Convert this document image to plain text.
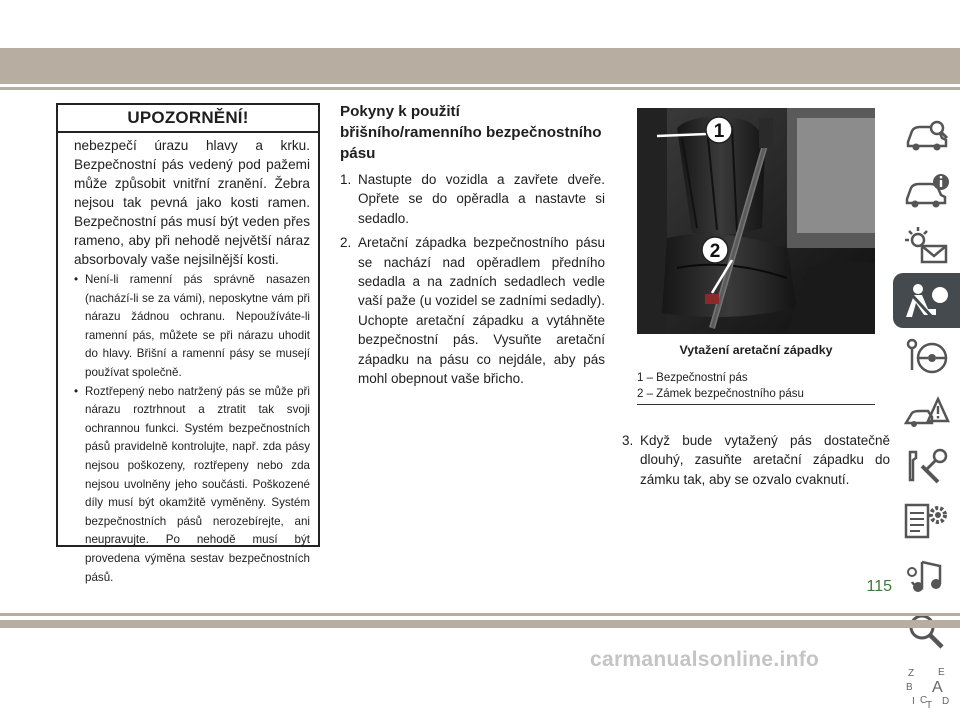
UPOZORNĚNÍ!

nebezpečí úrazu hlavy a krku. Bezpečnostní pás vedený pod pažemi může způsobit vnitřní zranění. Žebra nejsou tak pevná jako kosti ramen. Bezpečnostní pás musí být veden přes rameno, aby při nehodě největší náraz absorbovaly vaše nejsilnější kosti.

• Není-li ramenní pás správně nasazen (nachází-li se za vámi), neposkytne vám při nárazu žádnou ochranu. Nepoužíváte-li ramenní pás, můžete se při nárazu uhodit do hlavy. Břišní a ramenní pásy se musejí používat společně.
• Roztřepený nebo natržený pás se může při nárazu roztrhnout a ztratit tak svoji ochrannou funkci. Systém bezpečnostních pásů pravidelně kontrolujte, např. zda pásy nejsou poškozeny, roztřepeny nebo zda nejsou uvolněny jeho součásti. Poškozené díly musí být okamžitě vyměněny. Systém bezpečnostních pásů nerozebírejte, ani neupravujte. Po nehodě musí být provedena výměna sestav bezpečnostních pásů.
Pokyny k použití břišního/ramenního bezpečnostního pásu
1. Nastupte do vozidla a zavřete dveře. Opřete se do opěradla a nastavte si sedadlo.
2. Aretační západka bezpečnostního pásu se nachází nad opěradlem předního sedadla a na zadních sedadlech vedle vaší paže (u vozidel se zadními sedadly). Uchopte aretační západku a vytáhněte bezpečnostní pás. Vysuňte aretační západku na pásu co nejdále, aby pás mohl obepnout vaše břicho.
1
2
Vytažení aretační západky
1 – Bezpečnostní pás
2 – Zámek bezpečnostního pásu
3. Když bude vytažený pás dostatečně dlouhý, zasuňte aretační západku do zámku tak, aby se ozvalo cvaknutí.
Z E
B A
I C D
T
115
carmanualsonline.info
